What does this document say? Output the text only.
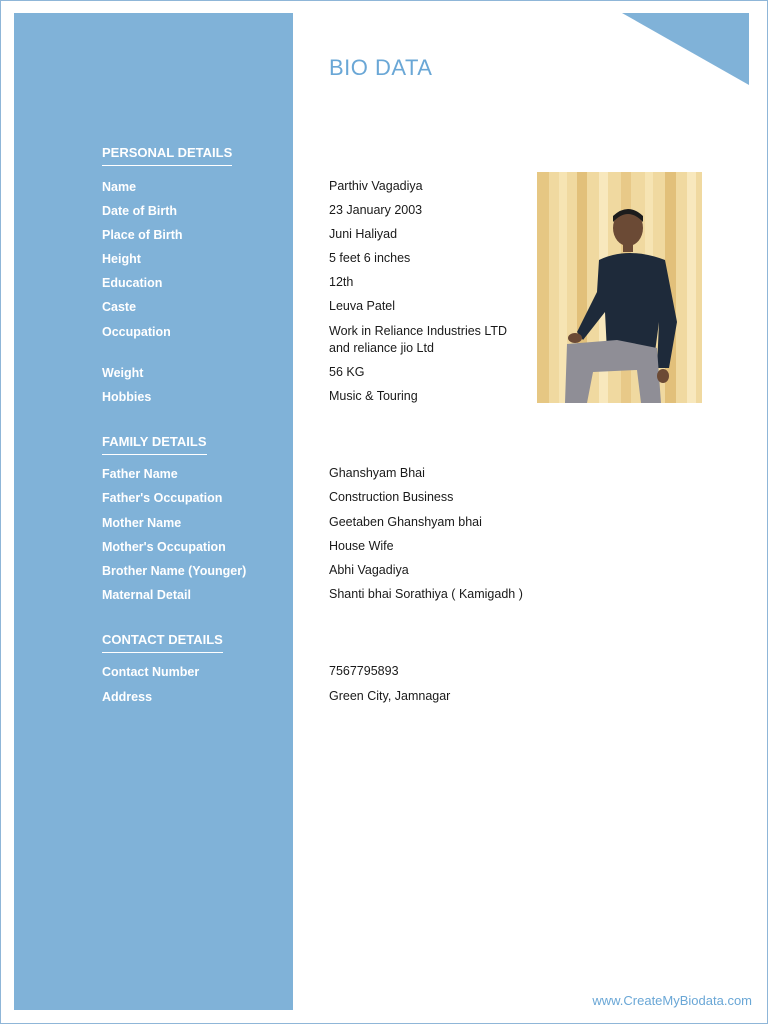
BIO DATA
PERSONAL DETAILS
Name	Parthiv Vagadiya
Date of Birth	23 January 2003
Place of Birth	Juni Haliyad
Height	5 feet 6 inches
Education	12th
Caste	Leuva Patel
Occupation	Work in Reliance Industries LTD and reliance jio Ltd
Weight	56 KG
Hobbies	Music & Touring
FAMILY DETAILS
Father Name	Ghanshyam Bhai
Father's Occupation	Construction Business
Mother Name	Geetaben Ghanshyam bhai
Mother's Occupation	House Wife
Brother Name (Younger)	Abhi Vagadiya
Maternal Detail	Shanti bhai Sorathiya ( Kamigadh )
CONTACT DETAILS
Contact Number	7567795893
Address	Green City, Jamnagar
www.CreateMyBiodata.com
